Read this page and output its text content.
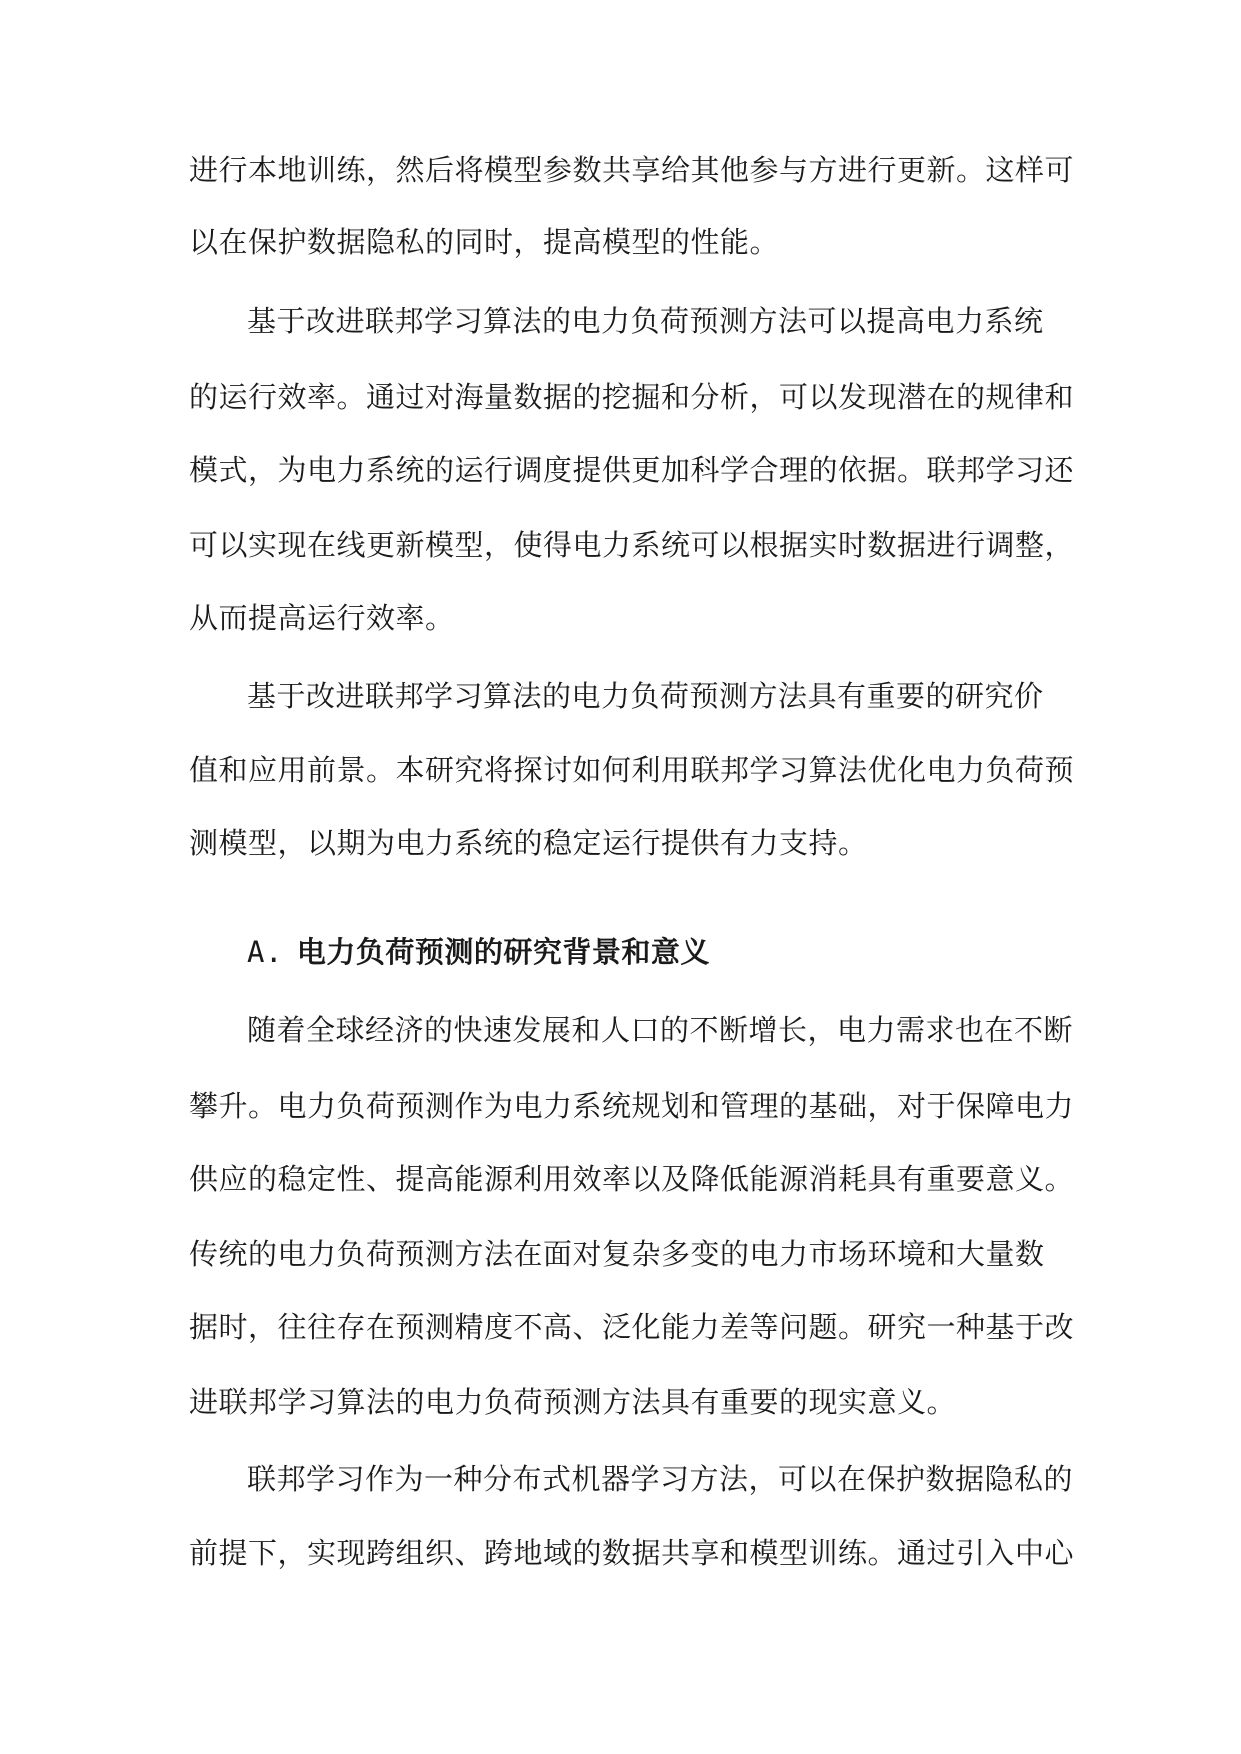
进行本地训练，然后将模型参数共享给其他参与方进行更新。这样可
以在保护数据隐私的同时，提高模型的性能。
基于改进联邦学习算法的电力负荷预测方法可以提高电力系统
的运行效率。通过对海量数据的挖掘和分析，可以发现潜在的规律和
模式，为电力系统的运行调度提供更加科学合理的依据。联邦学习还
可以实现在线更新模型，使得电力系统可以根据实时数据进行调整，
从而提高运行效率。
基于改进联邦学习算法的电力负荷预测方法具有重要的研究价
值和应用前景。本研究将探讨如何利用联邦学习算法优化电力负荷预
测模型，以期为电力系统的稳定运行提供有力支持。
A. 电力负荷预测的研究背景和意义
随着全球经济的快速发展和人口的不断增长，电力需求也在不断
攀升。电力负荷预测作为电力系统规划和管理的基础，对于保障电力
供应的稳定性、提高能源利用效率以及降低能源消耗具有重要意义。
传统的电力负荷预测方法在面对复杂多变的电力市场环境和大量数
据时，往往存在预测精度不高、泛化能力差等问题。研究一种基于改
进联邦学习算法的电力负荷预测方法具有重要的现实意义。
联邦学习作为一种分布式机器学习方法，可以在保护数据隐私的
前提下，实现跨组织、跨地域的数据共享和模型训练。通过引入中心
